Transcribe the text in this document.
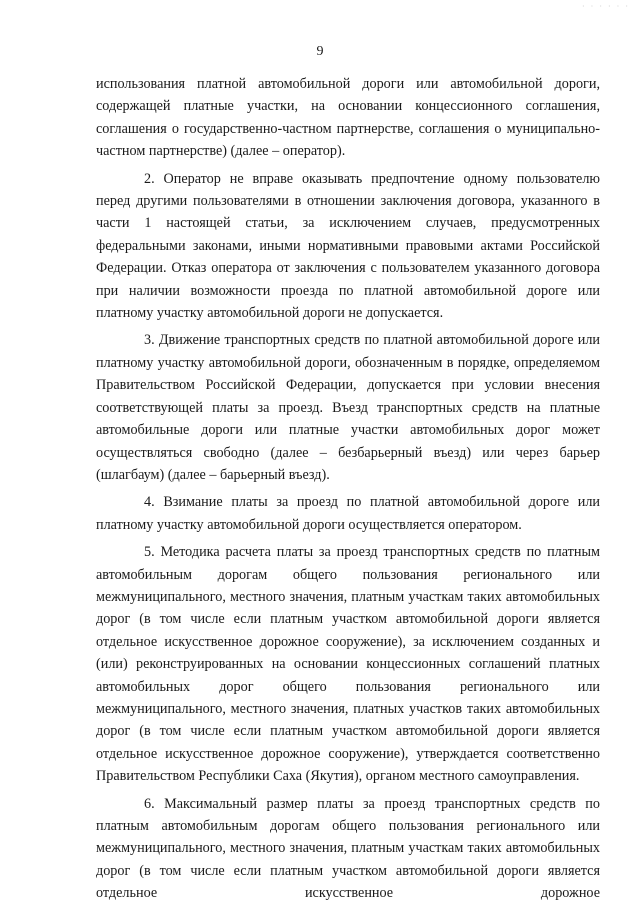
· · · · · ·
9

использования платной автомобильной дороги или автомобильной дороги, содержащей платные участки, на основании концессионного соглашения, соглашения о государственно-частном партнерстве, соглашения о муниципально-частном партнерстве) (далее – оператор).

2. Оператор не вправе оказывать предпочтение одному пользователю перед другими пользователями в отношении заключения договора, указанного в части 1 настоящей статьи, за исключением случаев, предусмотренных федеральными законами, иными нормативными правовыми актами Российской Федерации. Отказ оператора от заключения с пользователем указанного договора при наличии возможности проезда по платной автомобильной дороге или платному участку автомобильной дороги не допускается.

3. Движение транспортных средств по платной автомобильной дороге или платному участку автомобильной дороги, обозначенным в порядке, определяемом Правительством Российской Федерации, допускается при условии внесения соответствующей платы за проезд. Въезд транспортных средств на платные автомобильные дороги или платные участки автомобильных дорог может осуществляться свободно (далее – безбарьерный въезд) или через барьер (шлагбаум) (далее – барьерный въезд).

4. Взимание платы за проезд по платной автомобильной дороге или платному участку автомобильной дороги осуществляется оператором.

5. Методика расчета платы за проезд транспортных средств по платным автомобильным дорогам общего пользования регионального или межмуниципального, местного значения, платным участкам таких автомобильных дорог (в том числе если платным участком автомобильной дороги является отдельное искусственное дорожное сооружение), за исключением созданных и (или) реконструированных на основании концессионных соглашений платных автомобильных дорог общего пользования регионального или межмуниципального, местного значения, платных участков таких автомобильных дорог (в том числе если платным участком автомобильной дороги является отдельное искусственное дорожное сооружение), утверждается соответственно Правительством Республики Саха (Якутия), органом местного самоуправления.

6. Максимальный размер платы за проезд транспортных средств по платным автомобильным дорогам общего пользования регионального или межмуниципального, местного значения, платным участкам таких автомобильных дорог (в том числе если платным участком автомобильной дороги является отдельное искусственное дорожное
